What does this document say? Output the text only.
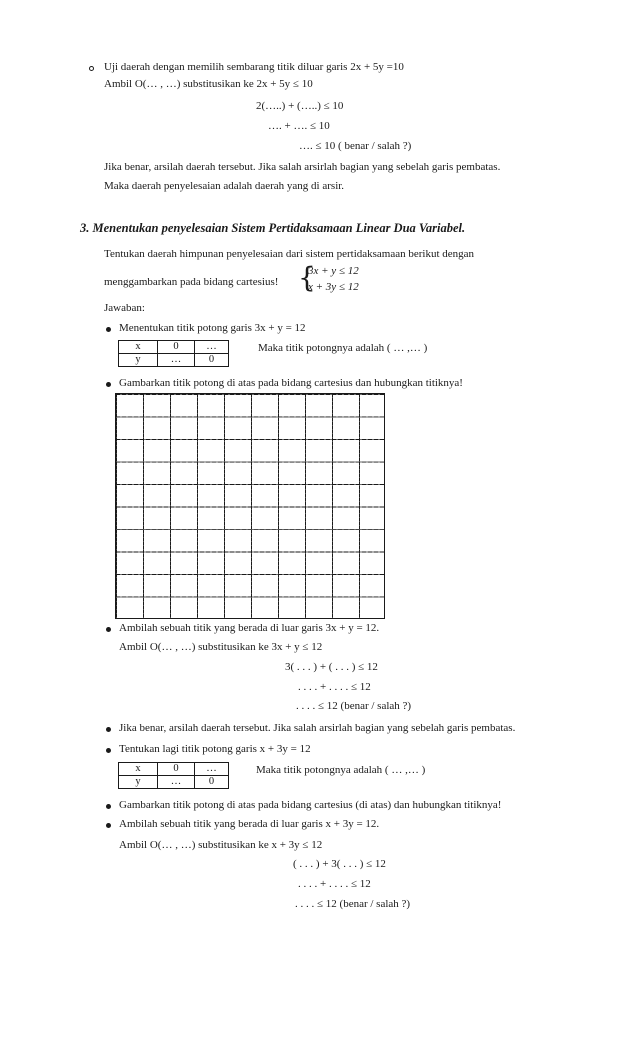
Uji daerah dengan memilih sembarang titik diluar garis 2x + 5y =10
Ambil O(… , …) substitusikan ke 2x + 5y ≤ 10
2(…..) + (…..) ≤ 10
…. + …. ≤ 10
…. ≤ 10 ( benar / salah ?)
Jika benar, arsilah daerah tersebut. Jika salah arsirlah bagian yang sebelah garis pembatas.
Maka daerah penyelesaian adalah daerah yang di arsir.
3. Menentukan penyelesaian Sistem Pertidaksamaan Linear Dua Variabel.
Tentukan daerah himpunan penyelesaian dari sistem pertidaksamaan berikut dengan
menggambarkan pada bidang cartesius! {
3x + y ≤ 12
x + 3y ≤ 12
Jawaban:
Menentukan titik potong garis 3x + y = 12
x	0	…
y	…	0
Maka titik potongnya adalah ( … ,… )
Gambarkan titik potong di atas pada bidang cartesius dan hubungkan titiknya!
Ambilah sebuah titik yang berada di luar garis 3x + y = 12.
Ambil O(… , …) substitusikan ke 3x + y ≤ 12
3( . . . ) + ( . . . ) ≤ 12
. . . . + . . . . ≤ 12
. . . . ≤ 12 (benar / salah ?)
Jika benar, arsilah daerah tersebut. Jika salah arsirlah bagian yang sebelah garis pembatas.
Tentukan lagi titik potong garis x + 3y = 12
x	0	…
y	…	0
Maka titik potongnya adalah ( … ,… )
Gambarkan titik potong di atas pada bidang cartesius (di atas) dan hubungkan titiknya!
Ambilah sebuah titik yang berada di luar garis x + 3y = 12.
Ambil O(… , …) substitusikan ke x + 3y ≤ 12
( . . . ) + 3( . . . ) ≤ 12
. . . . + . . . . ≤ 12
. . . . ≤ 12 (benar / salah ?)
